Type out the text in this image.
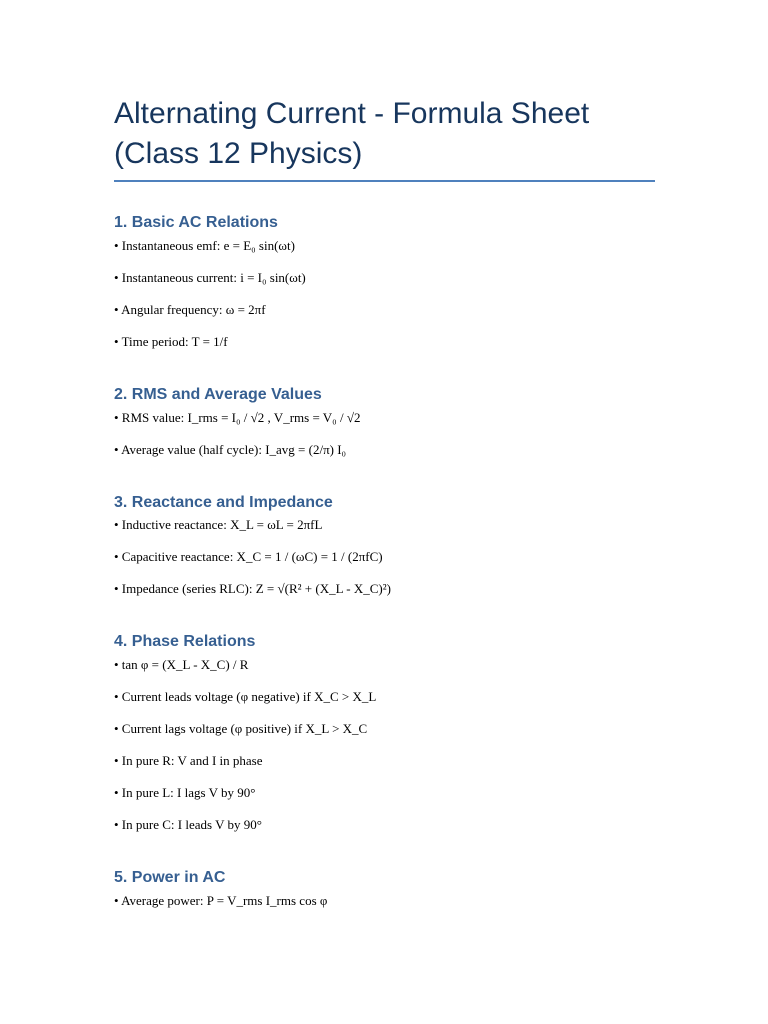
Alternating Current - Formula Sheet
(Class 12 Physics)
1. Basic AC Relations

• Instantaneous emf: e = E₀ sin(ωt)

• Instantaneous current: i = I₀ sin(ωt)

• Angular frequency: ω = 2πf

• Time period: T = 1/f

2. RMS and Average Values

• RMS value: I_rms = I₀ / √2 , V_rms = V₀ / √2

• Average value (half cycle): I_avg = (2/π) I₀

3. Reactance and Impedance

• Inductive reactance: X_L = ωL = 2πfL

• Capacitive reactance: X_C = 1 / (ωC) = 1 / (2πfC)

• Impedance (series RLC): Z = √(R² + (X_L - X_C)²)

4. Phase Relations

• tan φ = (X_L - X_C) / R

• Current leads voltage (φ negative) if X_C > X_L

• Current lags voltage (φ positive) if X_L > X_C

• In pure R: V and I in phase

• In pure L: I lags V by 90°

• In pure C: I leads V by 90°

5. Power in AC

• Average power: P = V_rms I_rms cos φ
